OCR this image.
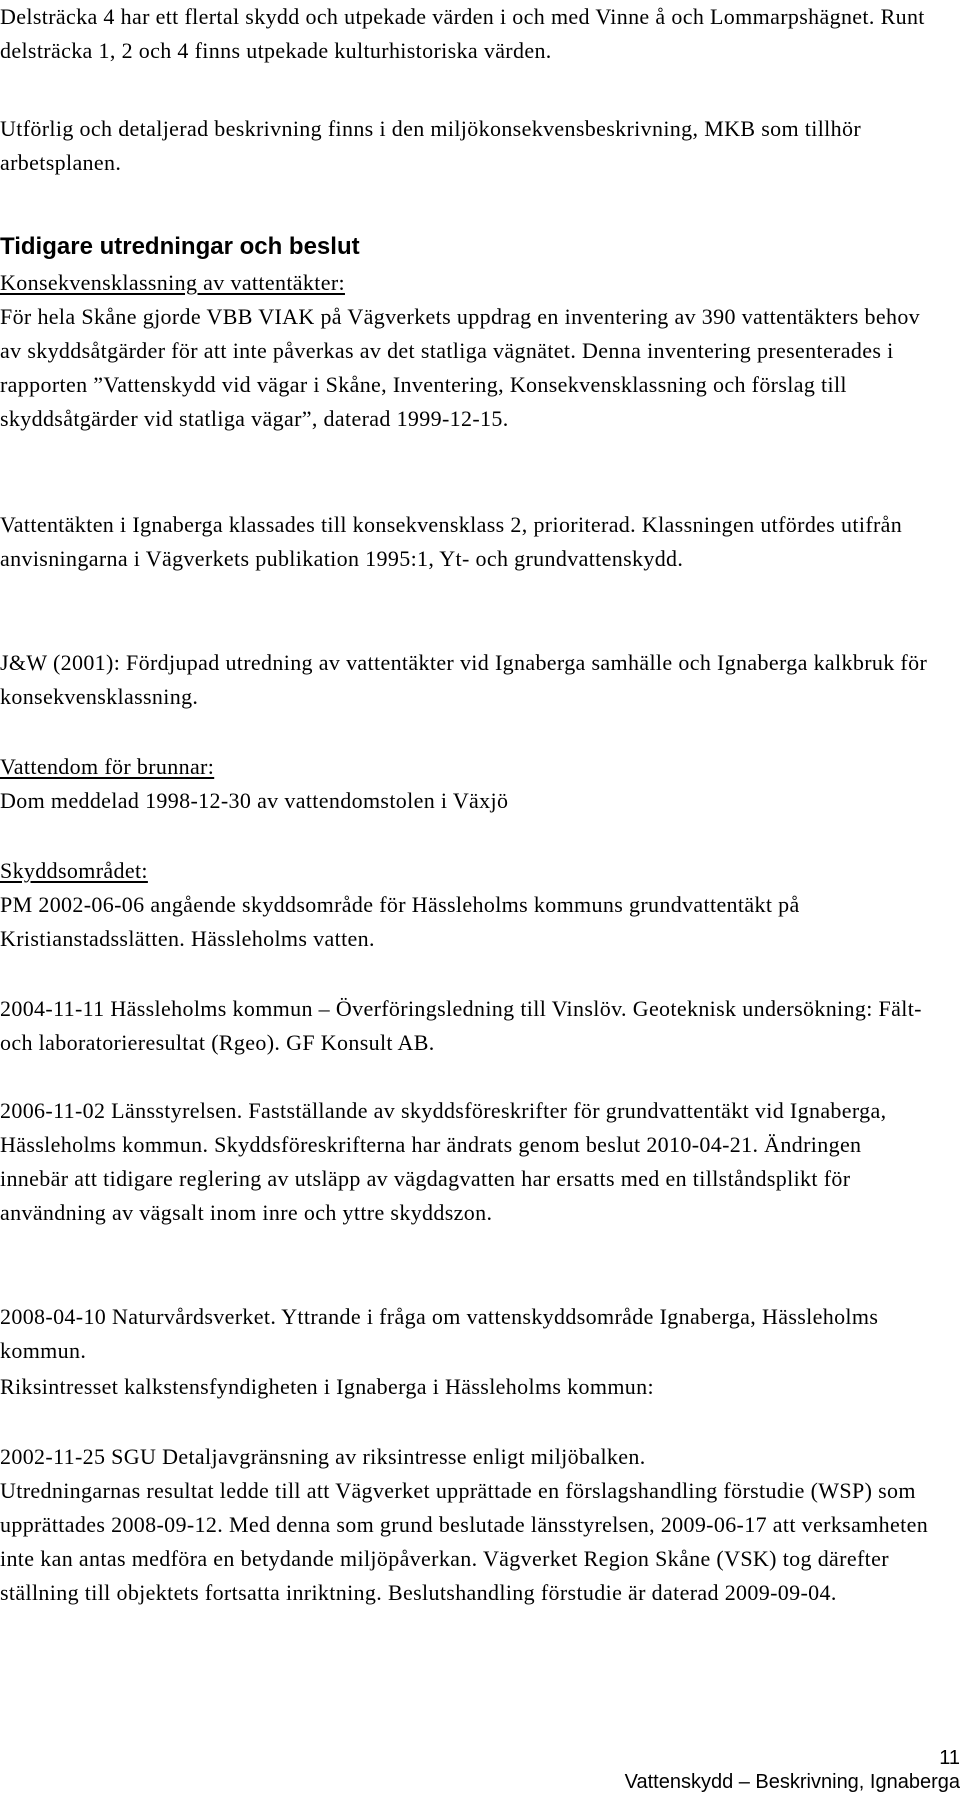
Delsträcka 4 har ett flertal skydd och utpekade värden i och med Vinne å och Lommarpshägnet. Runt delsträcka 1, 2 och 4 finns utpekade kulturhistoriska värden.
Utförlig och detaljerad beskrivning finns i den miljökonsekvensbeskrivning, MKB som tillhör arbetsplanen.
Tidigare utredningar och beslut
Konsekvensklassning av vattentäkter:
För hela Skåne gjorde VBB VIAK på Vägverkets uppdrag en inventering av 390 vattentäkters behov av skyddsåtgärder för att inte påverkas av det statliga vägnätet. Denna inventering presenterades i rapporten ”Vattenskydd vid vägar i Skåne, Inventering, Konsekvensklassning och förslag till skyddsåtgärder vid statliga vägar”, daterad 1999-12-15.
Vattentäkten i Ignaberga klassades till konsekvensklass 2, prioriterad. Klassningen utfördes utifrån anvisningarna i Vägverkets publikation 1995:1, Yt- och grundvattenskydd.
J&W (2001): Fördjupad utredning av vattentäkter vid Ignaberga samhälle och Ignaberga kalkbruk för konsekvensklassning.
Vattendom för brunnar:
Dom meddelad 1998-12-30 av vattendomstolen i Växjö
Skyddsområdet:
PM 2002-06-06 angående skyddsområde för Hässleholms kommuns grundvattentäkt på Kristianstadsslätten. Hässleholms vatten.
2004-11-11 Hässleholms kommun – Överföringsledning till Vinslöv. Geoteknisk undersökning: Fält- och laboratorieresultat (Rgeo). GF Konsult AB.
2006-11-02 Länsstyrelsen. Fastställande av skyddsföreskrifter för grundvattentäkt vid Ignaberga, Hässleholms kommun. Skyddsföreskrifterna har ändrats genom beslut 2010-04-21. Ändringen innebär att tidigare reglering av utsläpp av vägdagvatten har ersatts med en tillståndsplikt för användning av vägsalt inom inre och yttre skyddszon.
2008-04-10 Naturvårdsverket. Yttrande i fråga om vattenskyddsområde Ignaberga, Hässleholms kommun.
Riksintresset kalkstensfyndigheten i Ignaberga i Hässleholms kommun:
2002-11-25 SGU Detaljavgränsning av riksintresse enligt miljöbalken.
Utredningarnas resultat ledde till att Vägverket upprättade en förslagshandling förstudie (WSP) som upprättades 2008-09-12. Med denna som grund beslutade länsstyrelsen, 2009-06-17 att verksamheten inte kan antas medföra en betydande miljöpåverkan. Vägverket Region Skåne (VSK) tog därefter ställning till objektets fortsatta inriktning. Beslutshandling förstudie är daterad 2009-09-04.
11
Vattenskydd – Beskrivning, Ignaberga
